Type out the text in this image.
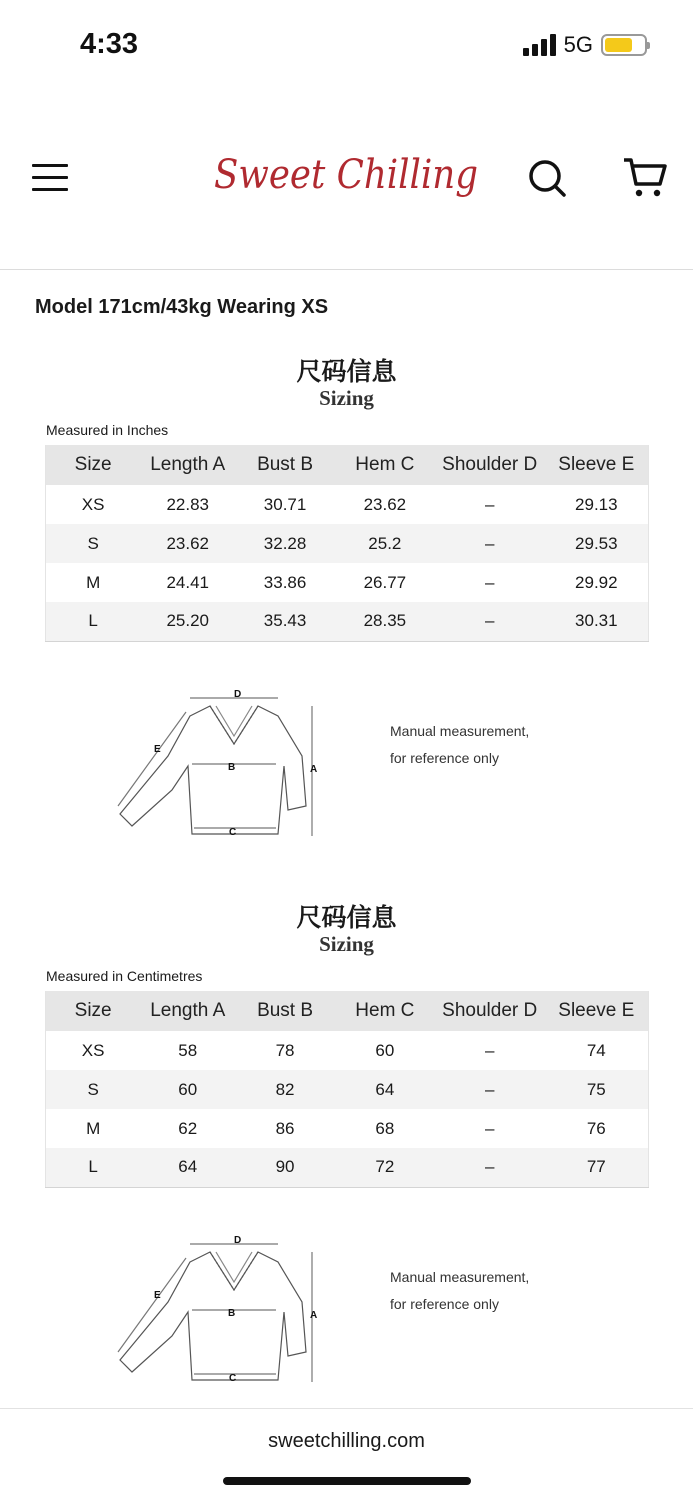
4:33	5G
Sweet Chilling
Model 171cm/43kg Wearing XS
尺码信息
Sizing
Measured in Inches
Size	Length A	Bust B	Hem C	Shoulder D	Sleeve E
XS	22.83	30.71	23.62	–	29.13
S	23.62	32.28	25.2	–	29.53
M	24.41	33.86	26.77	–	29.92
L	25.20	35.43	28.35	–	30.31
D
E
B	A
C
Manual measurement,
for reference only
尺码信息
Sizing
Measured in Centimetres
Size	Length A	Bust B	Hem C	Shoulder D	Sleeve E
XS	58	78	60	–	74
S	60	82	64	–	75
M	62	86	68	–	76
L	64	90	72	–	77
D
E
B	A
C
Manual measurement,
for reference only
sweetchilling.com
